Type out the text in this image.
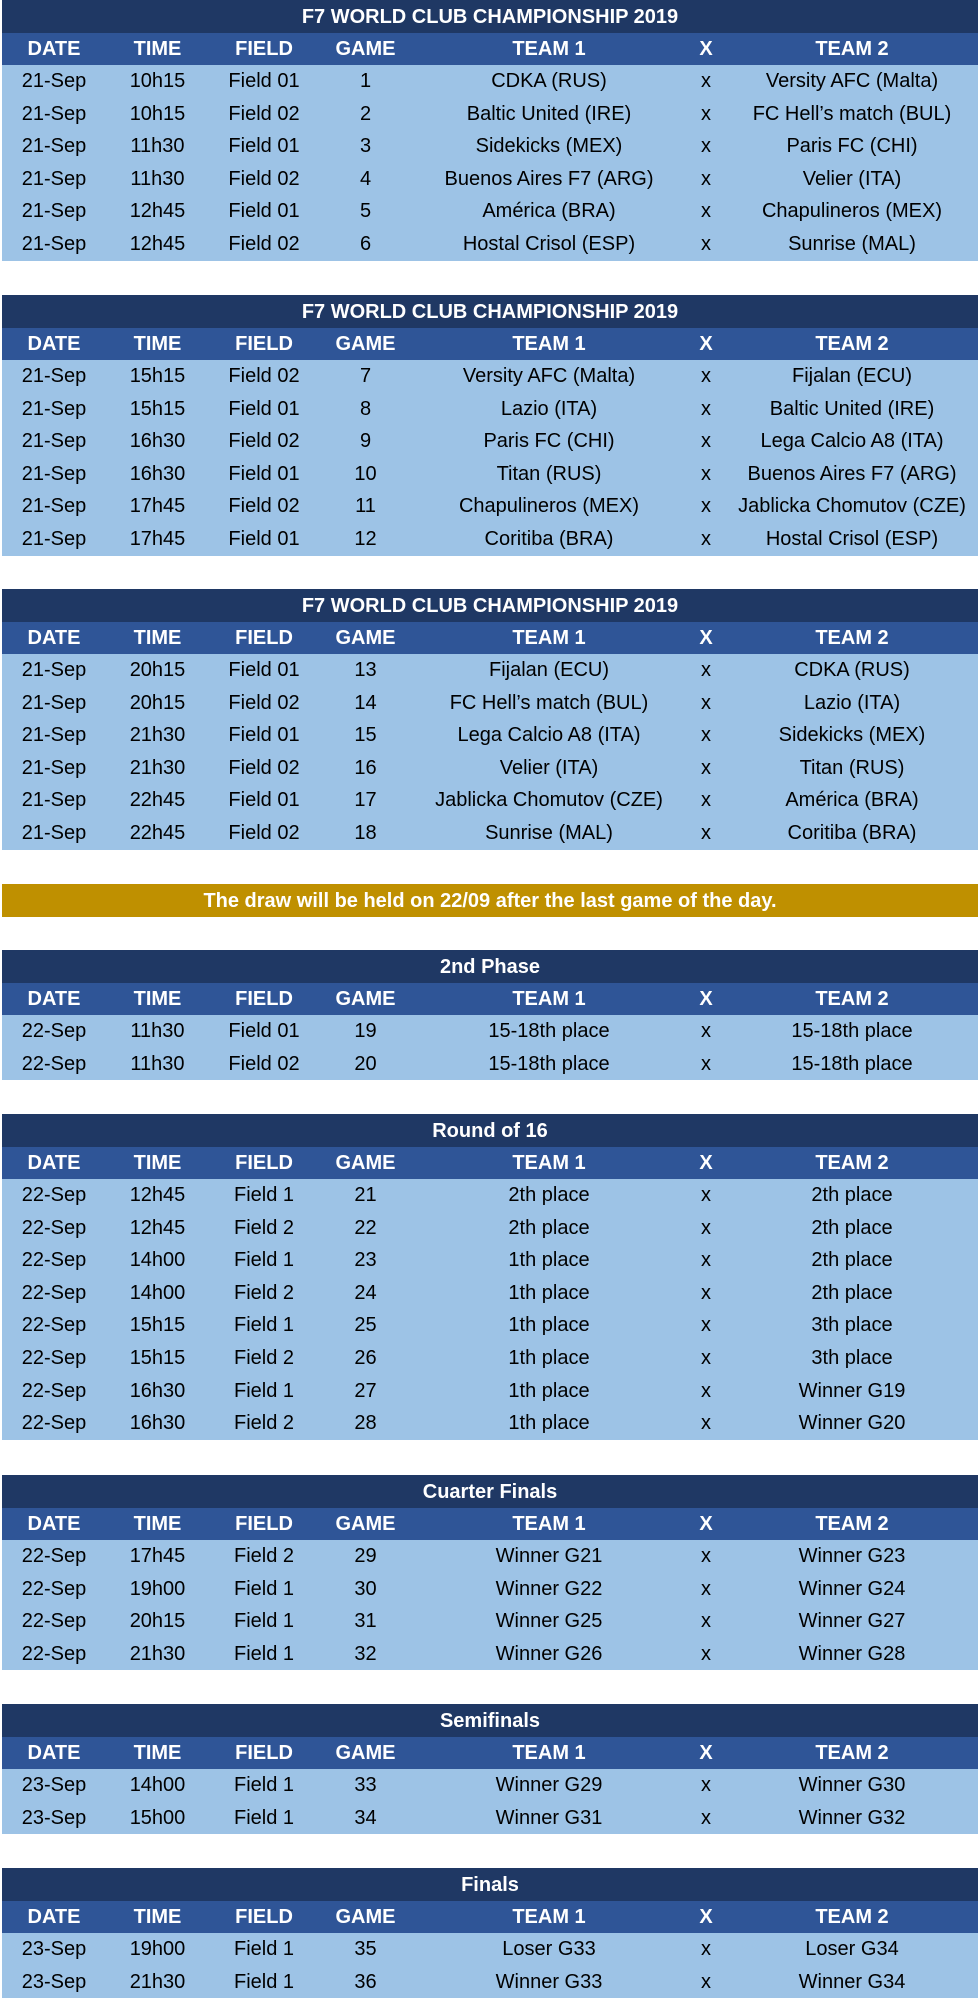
F7 WORLD CLUB CHAMPIONSHIP 2019
DATE	TIME	FIELD	GAME	TEAM 1	X	TEAM 2
21-Sep	10h15	Field 01	1	CDKA (RUS)	x	Versity AFC (Malta)
21-Sep	10h15	Field 02	2	Baltic United (IRE)	x	FC Hell’s match (BUL)
21-Sep	11h30	Field 01	3	Sidekicks (MEX)	x	Paris FC (CHI)
21-Sep	11h30	Field 02	4	Buenos Aires F7 (ARG)	x	Velier (ITA)
21-Sep	12h45	Field 01	5	América (BRA)	x	Chapulineros (MEX)
21-Sep	12h45	Field 02	6	Hostal Crisol (ESP)	x	Sunrise (MAL)
F7 WORLD CLUB CHAMPIONSHIP 2019
DATE	TIME	FIELD	GAME	TEAM 1	X	TEAM 2
21-Sep	15h15	Field 02	7	Versity AFC (Malta)	x	Fijalan (ECU)
21-Sep	15h15	Field 01	8	Lazio (ITA)	x	Baltic United (IRE)
21-Sep	16h30	Field 02	9	Paris FC (CHI)	x	Lega Calcio A8 (ITA)
21-Sep	16h30	Field 01	10	Titan (RUS)	x	Buenos Aires F7 (ARG)
21-Sep	17h45	Field 02	11	Chapulineros (MEX)	x	Jablicka Chomutov (CZE)
21-Sep	17h45	Field 01	12	Coritiba (BRA)	x	Hostal Crisol (ESP)
F7 WORLD CLUB CHAMPIONSHIP 2019
DATE	TIME	FIELD	GAME	TEAM 1	X	TEAM 2
21-Sep	20h15	Field 01	13	Fijalan (ECU)	x	CDKA (RUS)
21-Sep	20h15	Field 02	14	FC Hell’s match (BUL)	x	Lazio (ITA)
21-Sep	21h30	Field 01	15	Lega Calcio A8 (ITA)	x	Sidekicks (MEX)
21-Sep	21h30	Field 02	16	Velier (ITA)	x	Titan (RUS)
21-Sep	22h45	Field 01	17	Jablicka Chomutov (CZE)	x	América (BRA)
21-Sep	22h45	Field 02	18	Sunrise (MAL)	x	Coritiba (BRA)
2nd Phase
DATE	TIME	FIELD	GAME	TEAM 1	X	TEAM 2
22-Sep	11h30	Field 01	19	15-18th place	x	15-18th place
22-Sep	11h30	Field 02	20	15-18th place	x	15-18th place
Round of 16
DATE	TIME	FIELD	GAME	TEAM 1	X	TEAM 2
22-Sep	12h45	Field 1	21	2th place	x	2th place
22-Sep	12h45	Field 2	22	2th place	x	2th place
22-Sep	14h00	Field 1	23	1th place	x	2th place
22-Sep	14h00	Field 2	24	1th place	x	2th place
22-Sep	15h15	Field 1	25	1th place	x	3th place
22-Sep	15h15	Field 2	26	1th place	x	3th place
22-Sep	16h30	Field 1	27	1th place	x	Winner G19
22-Sep	16h30	Field 2	28	1th place	x	Winner G20
Cuarter Finals
DATE	TIME	FIELD	GAME	TEAM 1	X	TEAM 2
22-Sep	17h45	Field 2	29	Winner G21	x	Winner G23
22-Sep	19h00	Field 1	30	Winner G22	x	Winner G24
22-Sep	20h15	Field 1	31	Winner G25	x	Winner G27
22-Sep	21h30	Field 1	32	Winner G26	x	Winner G28
Semifinals
DATE	TIME	FIELD	GAME	TEAM 1	X	TEAM 2
23-Sep	14h00	Field 1	33	Winner G29	x	Winner G30
23-Sep	15h00	Field 1	34	Winner G31	x	Winner G32
Finals
DATE	TIME	FIELD	GAME	TEAM 1	X	TEAM 2
23-Sep	19h00	Field 1	35	Loser G33	x	Loser G34
23-Sep	21h30	Field 1	36	Winner G33	x	Winner G34
The draw will be held on 22/09 after the last game of the day.
